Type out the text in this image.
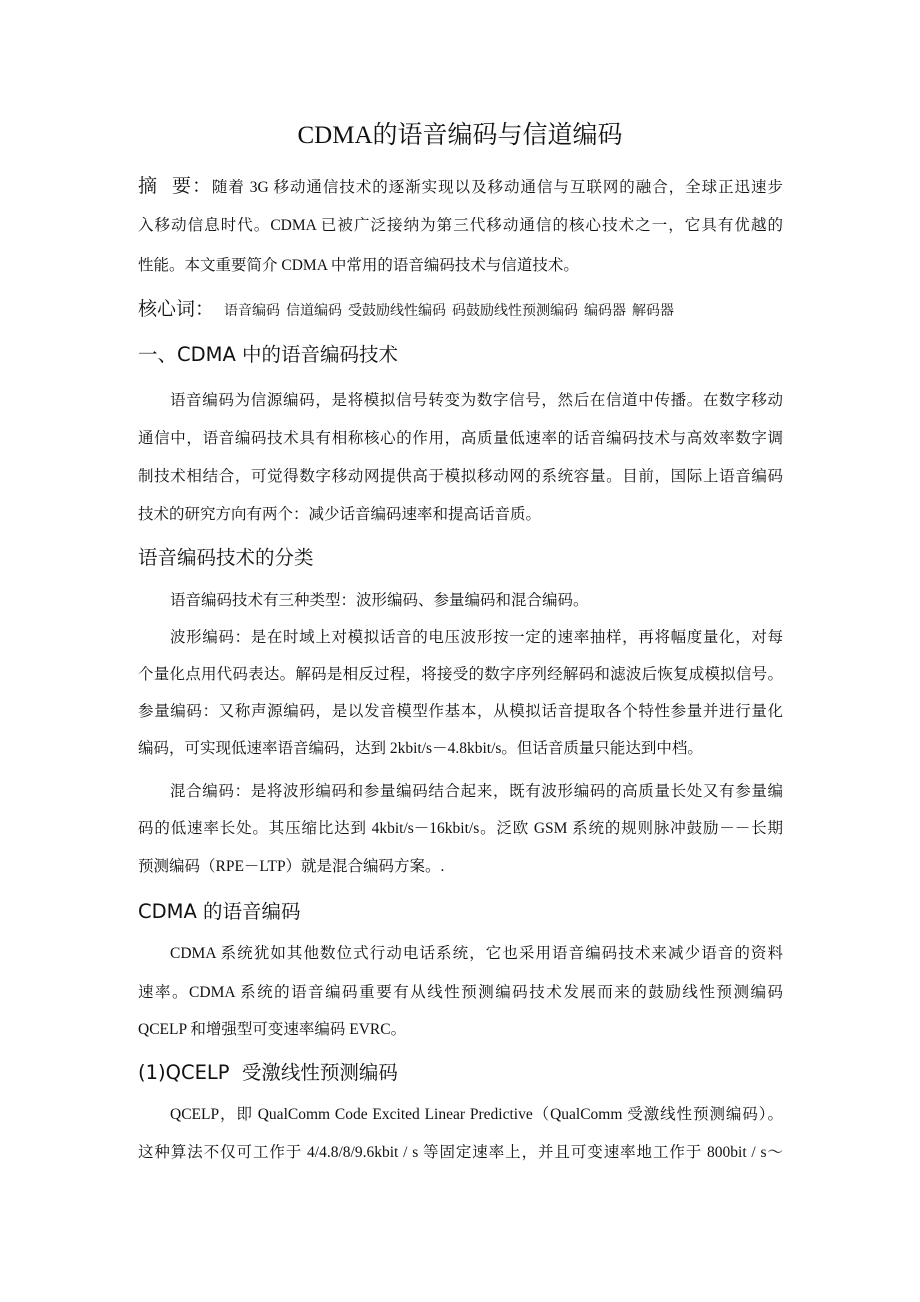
CDMA的语音编码与信道编码
摘  要：随着 3G 移动通信技术的逐渐实现以及移动通信与互联网的融合，全球正迅速步
入移动信息时代。CDMA 已被广泛接纳为第三代移动通信的核心技术之一，它具有优越的
性能。本文重要简介 CDMA 中常用的语音编码技术与信道技术。
核心词： 语音编码 信道编码 受鼓励线性编码 码鼓励线性预测编码 编码器 解码器
一、CDMA 中的语音编码技术
语音编码为信源编码，是将模拟信号转变为数字信号，然后在信道中传播。在数字移动
通信中，语音编码技术具有相称核心的作用，高质量低速率的话音编码技术与高效率数字调
制技术相结合，可觉得数字移动网提供高于模拟移动网的系统容量。目前，国际上语音编码
技术的研究方向有两个：减少话音编码速率和提高话音质。
语音编码技术的分类
语音编码技术有三种类型：波形编码、参量编码和混合编码。
波形编码：是在时域上对模拟话音的电压波形按一定的速率抽样，再将幅度量化，对每
个量化点用代码表达。解码是相反过程，将接受的数字序列经解码和滤波后恢复成模拟信号。
参量编码：又称声源编码，是以发音模型作基本，从模拟话音提取各个特性参量并进行量化
编码，可实现低速率语音编码，达到 2kbit/s－4.8kbit/s。但话音质量只能达到中档。
混合编码：是将波形编码和参量编码结合起来，既有波形编码的高质量长处又有参量编
码的低速率长处。其压缩比达到 4kbit/s－16kbit/s。泛欧 GSM 系统的规则脉冲鼓励－－长期
预测编码（RPE－LTP）就是混合编码方案。.
CDMA 的语音编码
CDMA 系统犹如其他数位式行动电话系统，它也采用语音编码技术来减少语音的资料
速率。CDMA 系统的语音编码重要有从线性预测编码技术发展而来的鼓励线性预测编码
QCELP 和增强型可变速率编码 EVRC。
(1)QCELP  受激线性预测编码
QCELP，即 QualComm Code Excited Linear Predictive（QualComm 受激线性预测编码）。
这种算法不仅可工作于 4/4.8/8/9.6kbit / s 等固定速率上，并且可变速率地工作于 800bit / s～
